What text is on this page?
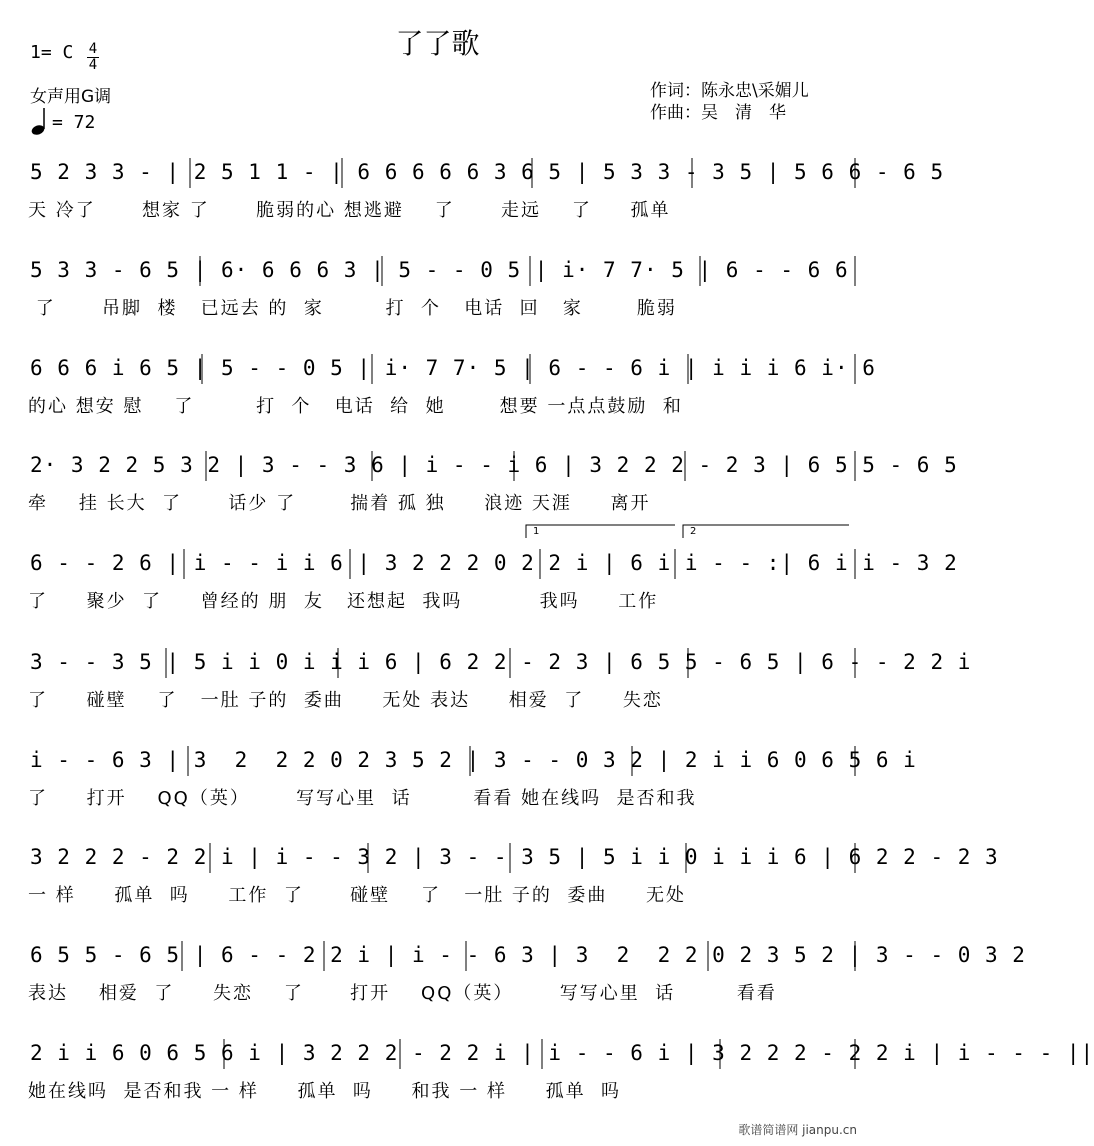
了了歌
1= C 4
4
女声用G调
= 72
作词：陈永忠\采媚儿
作曲：吴　清　华
5 2 3 3 - | 2 5 1 1 - | 6 6 6 6 6 3 6 5 | 5 3 3 - 3 5 | 5 6 6 - 6 5
天 冷了      想家 了      脆弱的心 想逃避    了      走远    了     孤单
5 3 3 - 6 5 | 6· 6 6 6 3 | 5 - - 0 5 | i· 7 7· 5 | 6 - - 6 6
了      吊脚  楼   已远去 的  家        打  个   电话  回   家       脆弱
6 6 6 i 6 5 | 5 - - 0 5 | i· 7 7· 5 | 6 - - 6 i | i i i 6 i· 6
的心 想安 慰    了        打  个   电话  给  她       想要 一点点鼓励  和
2· 3 2 2 5 3 2 | 3 - - 3 6 | i - - i 6 | 3 2 2 2 - 2 3 | 6 5 5 - 6 5
牵    挂 长大  了      话少 了       揣着 孤 独     浪迹 天涯     离开
6 - - 2 6 | i - - i i 6 | 3 2 2 2 0 2 2 i | 6 i i - - :| 6 i i - 3 2
了     聚少  了     曾经的 朋  友   还想起  我吗          我吗     工作
3 - - 3 5 | 5 i i 0 i i i 6 | 6 2 2 - 2 3 | 6 5 5 - 6 5 | 6 - - 2 2 i
了     碰壁    了   一肚 子的  委曲     无处 表达     相爱  了     失恋
i - - 6 3 | 3  2  2 2 0 2 3 5 2 | 3 - - 0 3 2 | 2 i i 6 0 6 5 6 i
了     打开    QQ（英）      写写心里  话        看看 她在线吗  是否和我
3 2 2 2 - 2 2 i | i - - 3 2 | 3 - - 3 5 | 5 i i 0 i i i 6 | 6 2 2 - 2 3
一 样     孤单  吗     工作  了      碰壁    了   一肚 子的  委曲     无处
6 5 5 - 6 5 | 6 - - 2 2 i | i - - 6 3 | 3  2  2 2 0 2 3 5 2 | 3 - - 0 3 2
表达    相爱  了     失恋    了      打开    QQ（英）      写写心里  话        看看
2 i i 6 0 6 5 6 i | 3 2 2 2 - 2 2 i | i - - 6 i | 3 2 2 2 - 2 2 i | i - - - ||
她在线吗  是否和我 一 样     孤单  吗     和我 一 样     孤单  吗
1	2
歌谱简谱网 jianpu.cn
